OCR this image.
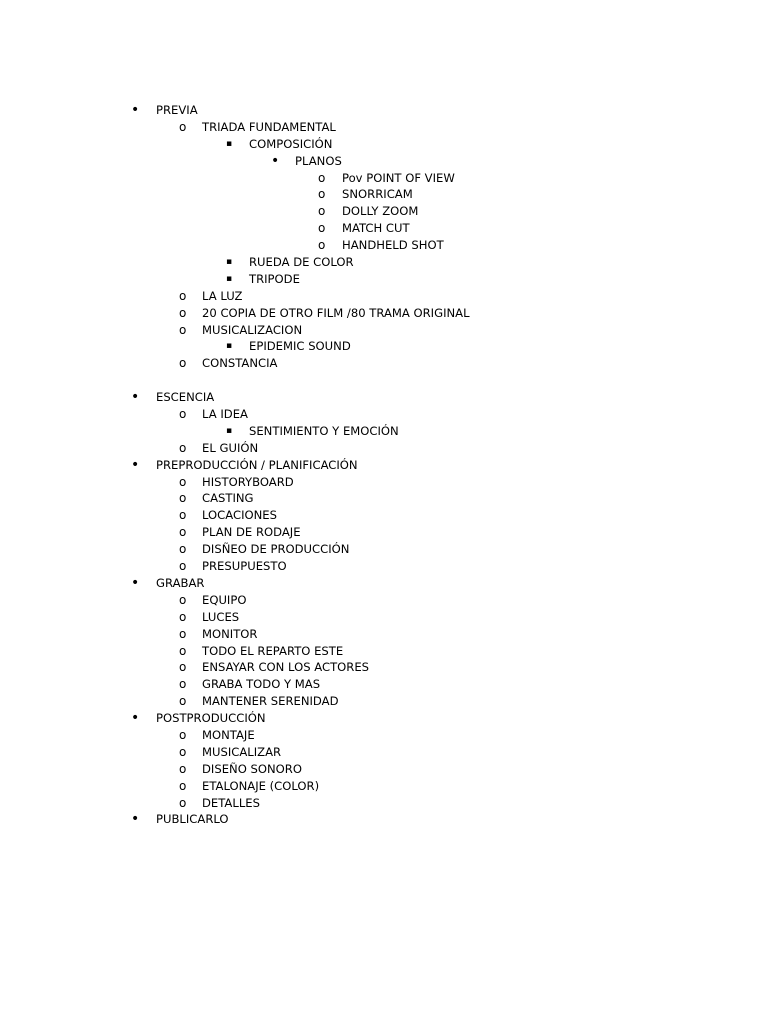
• PREVIA
o TRIADA FUNDAMENTAL
▪ COMPOSICIÓN
• PLANOS
o Pov POINT OF VIEW
o SNORRICAM
o DOLLY ZOOM
o MATCH CUT
o HANDHELD SHOT
▪ RUEDA DE COLOR
▪ TRIPODE
o LA LUZ
o 20 COPIA DE OTRO FILM /80 TRAMA ORIGINAL
o MUSICALIZACION
▪ EPIDEMIC SOUND
o CONSTANCIA
• ESCENCIA
o LA IDEA
▪ SENTIMIENTO Y EMOCIÓN
o EL GUIÓN
• PREPRODUCCIÓN / PLANIFICACIÓN
o HISTORYBOARD
o CASTING
o LOCACIONES
o PLAN DE RODAJE
o DISÑEO DE PRODUCCIÓN
o PRESUPUESTO
• GRABAR
o EQUIPO
o LUCES
o MONITOR
o TODO EL REPARTO ESTE
o ENSAYAR CON LOS ACTORES
o GRABA TODO Y MAS
o MANTENER SERENIDAD
• POSTPRODUCCIÓN
o MONTAJE
o MUSICALIZAR
o DISEÑO SONORO
o ETALONAJE (COLOR)
o DETALLES
• PUBLICARLO
